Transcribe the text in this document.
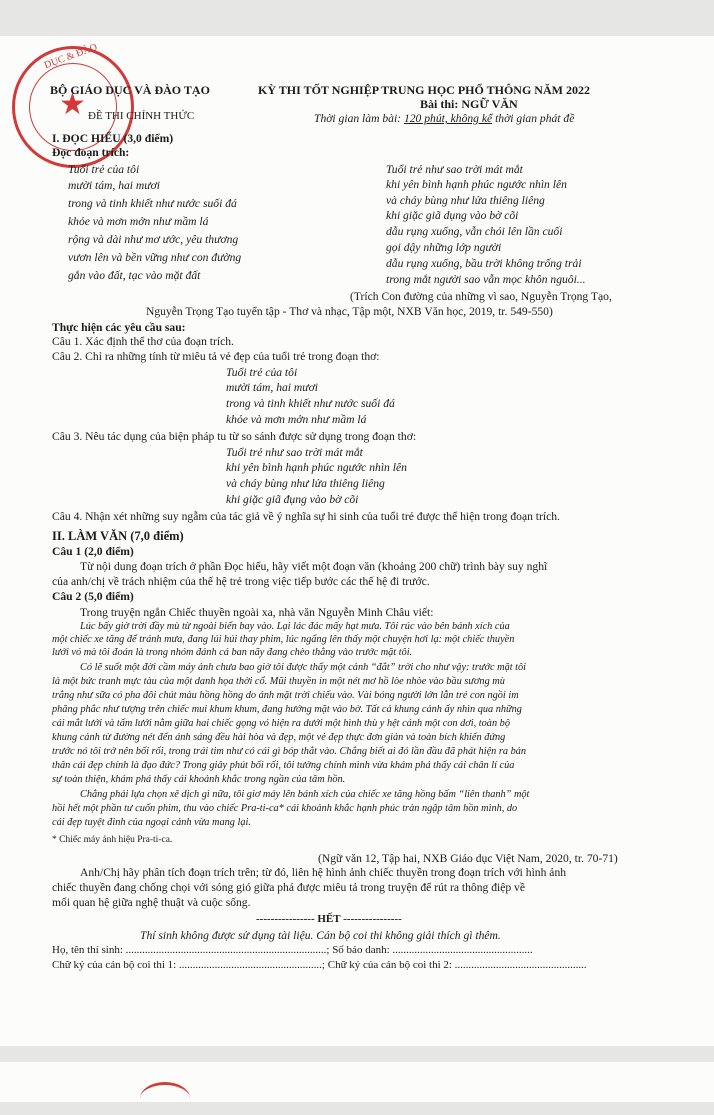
DỤC & ĐÀO
★
BỘ GIÁO DỤC VÀ ĐÀO TẠO
ĐỀ THI CHÍNH THỨC
KỲ THI TỐT NGHIỆP TRUNG HỌC PHỔ THÔNG NĂM 2022
Bài thi: NGỮ VĂN
Thời gian làm bài: 120 phút, không kể thời gian phát đề
I. ĐỌC HIỂU (3,0 điểm)
Đọc đoạn trích:
Tuổi trẻ của tôi
mười tám, hai mươi
trong và tinh khiết như nước suối đá
khỏe và mơn mởn như mầm lá
rộng và dài như mơ ước, yêu thương
vươn lên và bền vững như con đường
gắn vào đất, tạc vào mặt đất
Tuổi trẻ như sao trời mát mắt
khi yên bình hạnh phúc ngước nhìn lên
và cháy bùng như lửa thiêng liêng
khi giặc giã dụng vào bờ cõi
dẫu rụng xuống, vẫn chói lên lần cuối
gọi dậy những lớp người
dẫu rụng xuống, bầu trời không trống trải
trong mắt người sao vẫn mọc khôn nguôi...
(Trích Con đường của những vì sao, Nguyễn Trọng Tạo,
Nguyễn Trọng Tạo tuyển tập - Thơ và nhạc, Tập một, NXB Văn học, 2019, tr. 549-550)
Thực hiện các yêu cầu sau:
Câu 1. Xác định thể thơ của đoạn trích.
Câu 2. Chỉ ra những tính từ miêu tả vẻ đẹp của tuổi trẻ trong đoạn thơ:
Tuổi trẻ của tôi
mười tám, hai mươi
trong và tinh khiết như nước suối đá
khỏe và mơn mởn như mầm lá
Câu 3. Nêu tác dụng của biện pháp tu từ so sánh được sử dụng trong đoạn thơ:
Tuổi trẻ như sao trời mát mắt
khi yên bình hạnh phúc ngước nhìn lên
và cháy bùng như lửa thiêng liêng
khi giặc giã đụng vào bờ cõi
Câu 4. Nhận xét những suy ngẫm của tác giả về ý nghĩa sự hi sinh của tuổi trẻ được thể hiện trong đoạn trích.
II. LÀM VĂN (7,0 điểm)
Câu 1 (2,0 điểm)
Từ nội dung đoạn trích ở phần Đọc hiểu, hãy viết một đoạn văn (khoảng 200 chữ) trình bày suy nghĩ
của anh/chị về trách nhiệm của thế hệ trẻ trong việc tiếp bước các thế hệ đi trước.
Câu 2 (5,0 điểm)
Trong truyện ngắn Chiếc thuyền ngoài xa, nhà văn Nguyễn Minh Châu viết:
Lúc bấy giờ trời đầy mù từ ngoài biển bay vào. Lại lác đác mấy hạt mưa. Tôi rúc vào bên bánh xích của
một chiếc xe tăng để tránh mưa, đang lúi húi thay phim, lúc ngẩng lên thấy một chuyện hơi lạ: một chiếc thuyền
lưới vó mà tôi đoán là trong nhóm đánh cá ban nãy đang chèo thẳng vào trước mặt tôi.
Có lẽ suốt một đời cầm máy ảnh chưa bao giờ tôi được thấy một cảnh “đắt” trời cho như vậy: trước mặt tôi
là một bức tranh mực tàu của một danh họa thời cổ. Mũi thuyền in một nét mơ hồ lòe nhòe vào bầu sương mù
trắng như sữa có pha đôi chút màu hồng hồng do ánh mặt trời chiếu vào. Vài bóng người lớn lẫn trẻ con ngồi im
phăng phắc như tượng trên chiếc mui khum khum, đang hướng mặt vào bờ. Tất cả khung cảnh ấy nhìn qua những
cái mắt lưới và tấm lưới nằm giữa hai chiếc gọng vó hiện ra dưới một hình thù y hệt cánh một con dơi, toàn bộ
khung cảnh từ đường nét đến ánh sáng đều hài hòa và đẹp, một vẻ đẹp thực đơn giản và toàn bích khiến đứng
trước nó tôi trở nên bối rối, trong trái tim như có cái gì bóp thắt vào. Chẳng biết ai đó lần đầu đã phát hiện ra bản
thân cái đẹp chính là đạo đức? Trong giây phút bối rối, tôi tưởng chính mình vừa khám phá thấy cái chân lí của
sự toàn thiện, khám phá thấy cái khoảnh khắc trong ngần của tâm hồn.
Chẳng phải lựa chọn xê dịch gì nữa, tôi giơ máy lên bánh xích của chiếc xe tăng hồng bấm “liên thanh” một
hồi hết một phần tư cuốn phim, thu vào chiếc Pra-ti-ca* cái khoảnh khắc hạnh phúc tràn ngập tâm hồn mình, do
cái đẹp tuyệt đỉnh của ngoại cảnh vừa mang lại.
* Chiếc máy ảnh hiệu Pra-ti-ca.
(Ngữ văn 12, Tập hai, NXB Giáo dục Việt Nam, 2020, tr. 70-71)
Anh/Chị hãy phân tích đoạn trích trên; từ đó, liên hệ hình ảnh chiếc thuyền trong đoạn trích với hình ảnh
chiếc thuyền đang chống chọi với sóng gió giữa phá được miêu tả trong truyện để rút ra thông điệp về
mối quan hệ giữa nghệ thuật và cuộc sống.
---------------- HẾT ----------------
Thí sinh không được sử dụng tài liệu. Cán bộ coi thi không giải thích gì thêm.
Họ, tên thí sinh: .........................................................................; Số báo danh: ...................................................
Chữ ký của cán bộ coi thi 1: ....................................................; Chữ ký của cán bộ coi thi 2: ................................................
